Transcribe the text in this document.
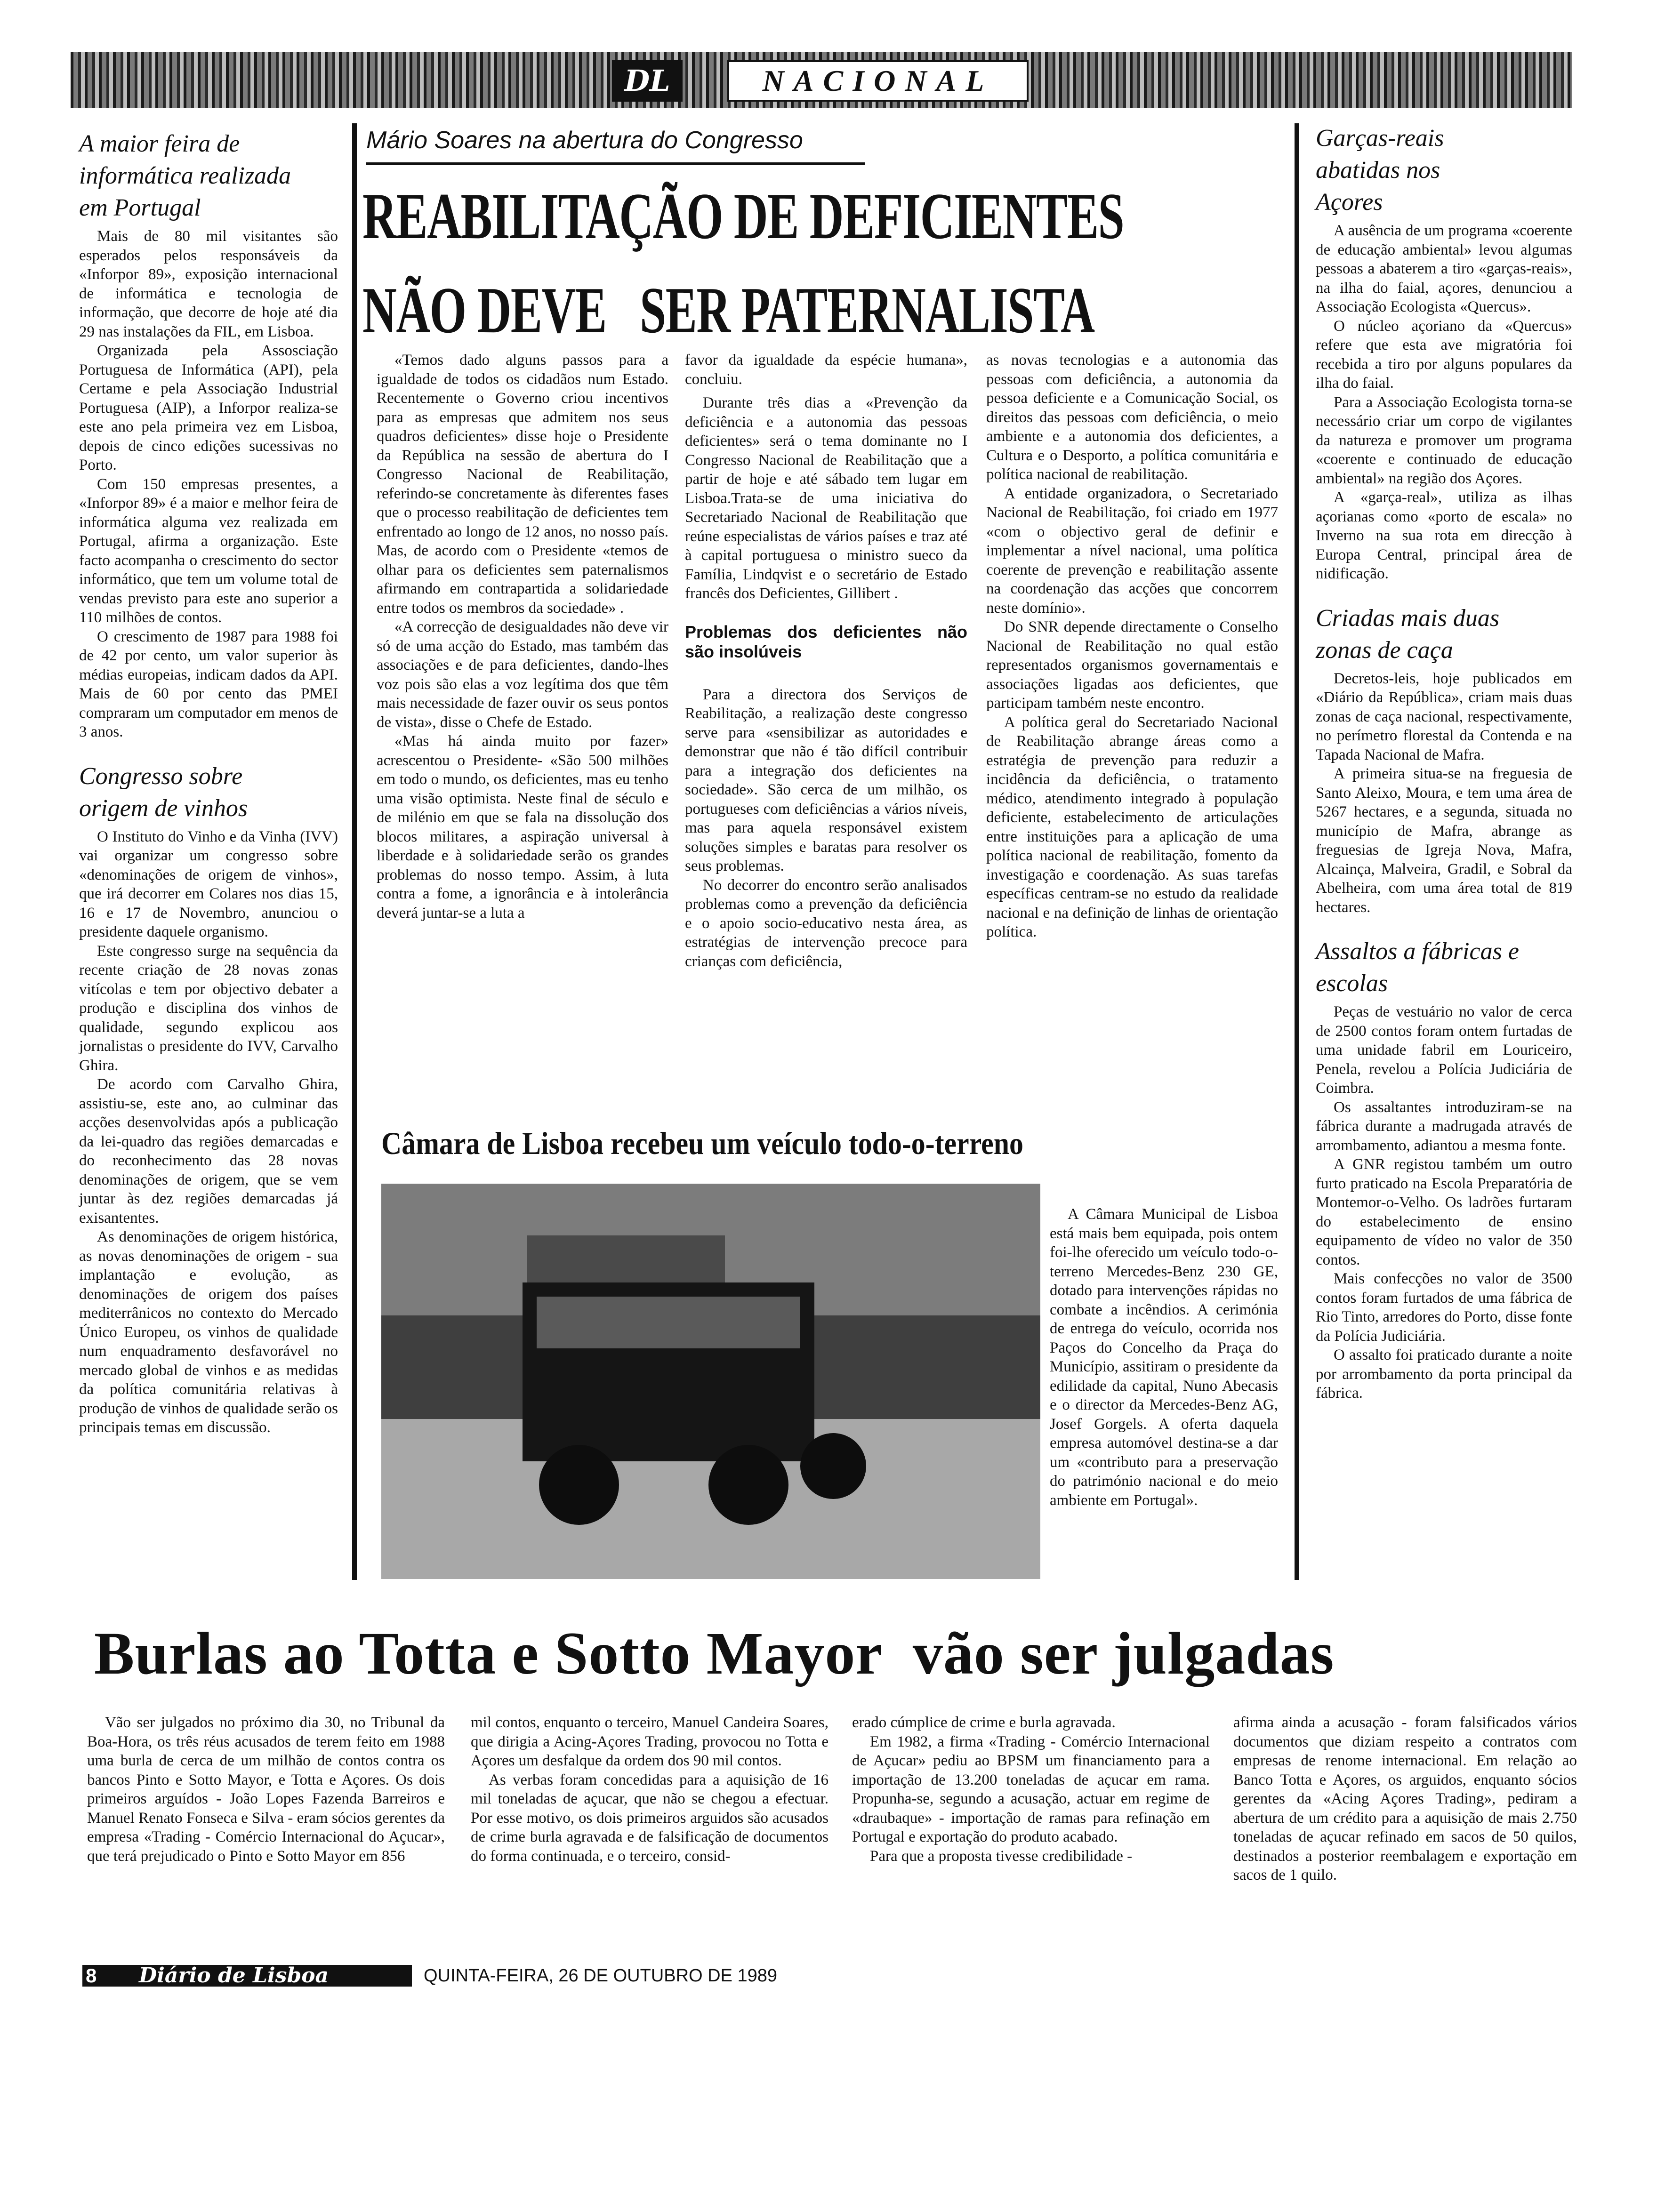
DL	NACIONAL
A maior feira de informática realizada em Portugal

Mais de 80 mil visitantes são esperados pelos responsáveis da «Inforpor 89», exposição internacional de informática e tecnologia de informação, que decorre de hoje até dia 29 nas instalações da FIL, em Lisboa.

Organizada pela Assosciação Portuguesa de Informática (API), pela Certame e pela Associação Industrial Portuguesa (AIP), a Inforpor realiza-se este ano pela primeira vez em Lisboa, depois de cinco edições sucessivas no Porto.

Com 150 empresas presentes, a «Inforpor 89» é a maior e melhor feira de informática alguma vez realizada em Portugal, afirma a organização. Este facto acompanha o crescimento do sector informático, que tem um volume total de vendas previsto para este ano superior a 110 milhões de contos.

O crescimento de 1987 para 1988 foi de 42 por cento, um valor superior às médias europeias, indicam dados da API. Mais de 60 por cento das PMEI compraram um computador em menos de 3 anos.

Congresso sobre origem de vinhos

O Instituto do Vinho e da Vinha (IVV) vai organizar um congresso sobre «denominações de origem de vinhos», que irá decorrer em Colares nos dias 15, 16 e 17 de Novembro, anunciou o presidente daquele organismo.

Este congresso surge na sequência da recente criação de 28 novas zonas vitícolas e tem por objectivo debater a produção e disciplina dos vinhos de qualidade, segundo explicou aos jornalistas o presidente do IVV, Carvalho Ghira.

De acordo com Carvalho Ghira, assistiu-se, este ano, ao culminar das acções desenvolvidas após a publicação da lei-quadro das regiões demarcadas e do reconhecimento das 28 novas denominações de origem, que se vem juntar às dez regiões demarcadas já exisantentes.

As denominações de origem histórica, as novas denominações de origem - sua implantação e evolução, as denominações de origem dos países mediterrânicos no contexto do Mercado Único Europeu, os vinhos de qualidade num enquadramento desfavorável no mercado global de vinhos e as medidas da política comunitária relativas à produção de vinhos de qualidade serão os principais temas em discussão.

Mário Soares na abertura do Congresso
REABILITAÇÃO DE DEFICIENTES
NÃO DEVE   SER PATERNALISTA

«Temos dado alguns passos para a igualdade de todos os cidadãos num Estado. Recentemente o Governo criou incentivos para as empresas que admitem nos seus quadros deficientes» disse hoje o Presidente da República na sessão de abertura do I Congresso Nacional de Reabilitação, referindo-se concretamente às diferentes fases que o processo reabilitação de deficientes tem enfrentado ao longo de 12 anos, no nosso país. Mas, de acordo com o Presidente «temos de olhar para os deficientes sem paternalismos afirmando em contrapartida a solidariedade entre todos os membros da sociedade» .

«A correcção de desigualdades não deve vir só de uma acção do Estado, mas também das associações e de para deficientes, dando-lhes voz pois são elas a voz legítima dos que têm mais necessidade de fazer ouvir os seus pontos de vista», disse o Chefe de Estado.

«Mas há ainda muito por fazer» acrescentou o Presidente- «São 500 milhões em todo o mundo, os deficientes, mas eu tenho uma visão optimista. Neste final de século e de milénio em que se fala na dissolução dos blocos militares, a aspiração universal à liberdade e à solidariedade serão os grandes problemas do nosso tempo. Assim, à luta contra a fome, a ignorância e à intolerância deverá juntar-se a luta a

favor da igualdade da espécie humana», concluiu.

Durante três dias a «Prevenção da deficiência e a autonomia das pessoas deficientes» será o tema dominante no I Congresso Nacional de Reabilitação que a partir de hoje e até sábado tem lugar em Lisboa.Trata-se de uma iniciativa do Secretariado Nacional de Reabilitação que reúne especialistas de vários países e traz até à capital portuguesa o ministro sueco da Família, Lindqvist e o secretário de Estado francês dos Deficientes, Gillibert .

Problemas dos deficientes não são insolúveis

Para a directora dos Serviços de Reabilitação, a realização deste congresso serve para «sensibilizar as autoridades e demonstrar que não é tão difícil contribuir para a integração dos deficientes na sociedade». São cerca de um milhão, os portugueses com deficiências a vários níveis, mas para aquela responsável existem soluções simples e baratas para resolver os seus problemas.

No decorrer do encontro serão analisados problemas como a prevenção da deficiência e o apoio socio-educativo nesta área, as estratégias de intervenção precoce para crianças com deficiência,

as novas tecnologias e a autonomia das pessoas com deficiência, a autonomia da pessoa deficiente e a Comunicação Social, os direitos das pessoas com deficiência, o meio ambiente e a autonomia dos deficientes, a Cultura e o Desporto, a política comunitária e política nacional de reabilitação.

A entidade organizadora, o Secretariado Nacional de Reabilitação, foi criado em 1977 «com o objectivo geral de definir e implementar a nível nacional, uma política coerente de prevenção e reabilitação assente na coordenação das acções que concorrem neste domínio».

Do SNR depende directamente o Conselho Nacional de Reabilitação no qual estão representados organismos governamentais e associações ligadas aos deficientes, que participam também neste encontro.

A política geral do Secretariado Nacional de Reabilitação abrange áreas como a estratégia de prevenção para reduzir a incidência da deficiência, o tratamento médico, atendimento integrado à população deficiente, estabelecimento de articulações entre instituições para a aplicação de uma política nacional de reabilitação, fomento da investigação e coordenação. As suas tarefas específicas centram-se no estudo da realidade nacional e na definição de linhas de orientação política.

Câmara de Lisboa recebeu um veículo todo-o-terreno

A Câmara Municipal de Lisboa está mais bem equipada, pois ontem foi-lhe oferecido um veículo todo-o-terreno Mercedes-Benz 230 GE, dotado para intervenções rápidas no combate a incêndios. A cerimónia de entrega do veículo, ocorrida nos Paços do Concelho da Praça do Município, assitiram o presidente da edilidade da capital, Nuno Abecasis e o director da Mercedes-Benz AG, Josef Gorgels. A oferta daquela empresa automóvel destina-se a dar um «contributo para a preservação do património nacional e do meio ambiente em Portugal».

Garças-reais abatidas nos Açores

A ausência de um programa «coerente de educação ambiental» levou algumas pessoas a abaterem a tiro «garças-reais», na ilha do faial, açores, denunciou a Associação Ecologista «Quercus».

O núcleo açoriano da «Quercus» refere que esta ave migratória foi recebida a tiro por alguns populares da ilha do faial.

Para a Associação Ecologista torna-se necessário criar um corpo de vigilantes da natureza e promover um programa «coerente e continuado de educação ambiental» na região dos Açores.

A «garça-real», utiliza as ilhas açorianas como «porto de escala» no Inverno na sua rota em direcção à Europa Central, principal área de nidificação.

Criadas mais duas zonas de caça

Decretos-leis, hoje publicados em «Diário da República», criam mais duas zonas de caça nacional, respectivamente, no perímetro florestal da Contenda e na Tapada Nacional de Mafra.

A primeira situa-se na freguesia de Santo Aleixo, Moura, e tem uma área de 5267 hectares, e a segunda, situada no município de Mafra, abrange as freguesias de Igreja Nova, Mafra, Alcainça, Malveira, Gradil, e Sobral da Abelheira, com uma área total de 819 hectares.

Assaltos a fábricas e escolas

Peças de vestuário no valor de cerca de 2500 contos foram ontem furtadas de uma unidade fabril em Louriceiro, Penela, revelou a Polícia Judiciária de Coimbra.

Os assaltantes introduziram-se na fábrica durante a madrugada através de arrombamento, adiantou a mesma fonte.

A GNR registou também um outro furto praticado na Escola Preparatória de Montemor-o-Velho. Os ladrões furtaram do estabelecimento de ensino equipamento de vídeo no valor de 350 contos.

Mais confecções no valor de 3500 contos foram furtados de uma fábrica de Rio Tinto, arredores do Porto, disse fonte da Polícia Judiciária.

O assalto foi praticado durante a noite por arrombamento da porta principal da fábrica.

Burlas ao Totta e Sotto Mayor  vão ser julgadas

Vão ser julgados no próximo dia 30, no Tribunal da Boa-Hora, os três réus acusados de terem feito em 1988 uma burla de cerca de um milhão de contos contra os bancos Pinto e Sotto Mayor, e Totta e Açores. Os dois primeiros arguídos - João Lopes Fazenda Barreiros e Manuel Renato Fonseca e Silva - eram sócios gerentes da empresa «Trading - Comércio Internacional do Açucar», que terá prejudicado o Pinto e Sotto Mayor em 856

mil contos, enquanto o terceiro, Manuel Candeira Soares, que dirigia a Acing-Açores Trading, provocou no Totta e Açores um desfalque da ordem dos 90 mil contos.

As verbas foram concedidas para a aquisição de 16 mil toneladas de açucar, que não se chegou a efectuar. Por esse motivo, os dois primeiros arguidos são acusados de crime burla agravada e de falsificação de documentos do forma continuada, e o terceiro, consid-

erado cúmplice de crime e burla agravada.

Em 1982, a firma «Trading - Comércio Internacional de Açucar» pediu ao BPSM um financiamento para a importação de 13.200 toneladas de açucar em rama. Propunha-se, segundo a acusação, actuar em regime de «draubaque» - importação de ramas para refinação em Portugal e exportação do produto acabado.

Para que a proposta tivesse credibilidade -

afirma ainda a acusação - foram falsificados vários documentos que diziam respeito a contratos com empresas de renome internacional. Em relação ao Banco Totta e Açores, os arguidos, enquanto sócios gerentes da «Acing Açores Trading», pediram a abertura de um crédito para a aquisição de mais 2.750 toneladas de açucar refinado em sacos de 50 quilos, destinados a posterior reembalagem e exportação em sacos de 1 quilo.

8 Diário de Lisboa	QUINTA-FEIRA, 26 DE OUTUBRO DE 1989
